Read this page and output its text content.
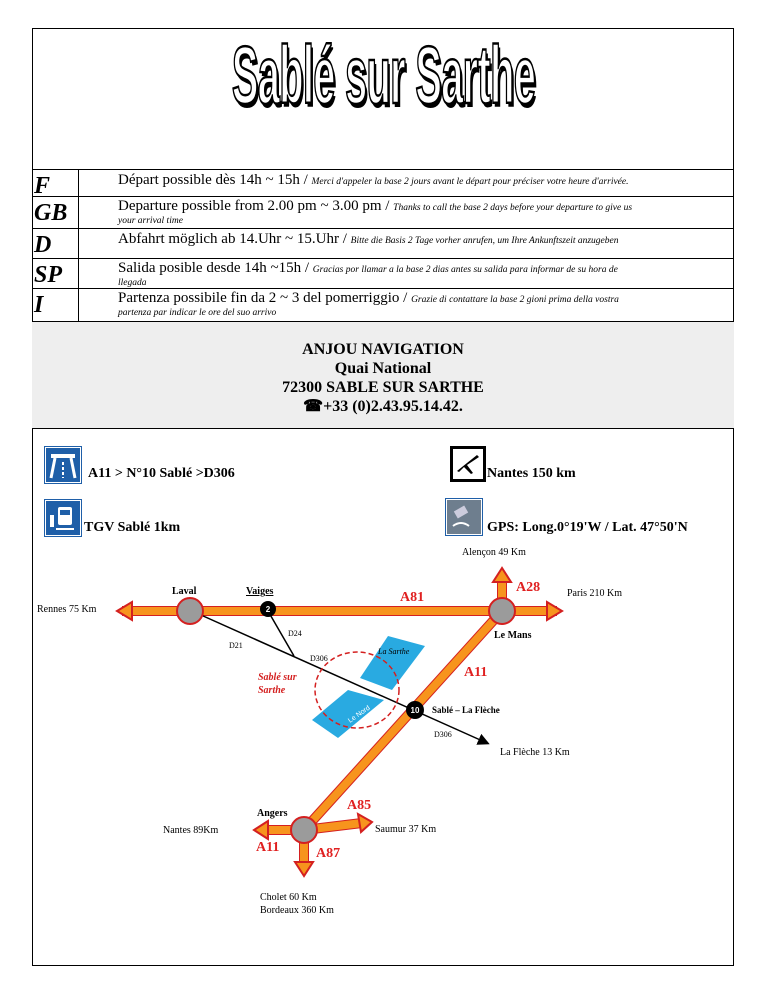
Sablé sur Sarthe
F	Départ possible dès 14h ~ 15h / Merci d'appeler la base 2 jours avant le départ pour préciser votre heure d'arrivée.
GB	Departure possible from 2.00 pm ~ 3.00 pm / Thanks to call the base 2 days before your departure to give us
your arrival time
D	Abfahrt möglich ab 14.Uhr ~ 15.Uhr / Bitte die Basis 2 Tage vorher anrufen, um Ihre Ankunftszeit anzugeben
SP	Salida posible desde 14h ~15h / Gracias por llamar a la base 2 dias antes su salida para informar de su hora de
llegada
I	Partenza possibile fin da 2 ~ 3 del pomerriggio / Grazie di contattare la base 2 gioni prima della vostra
partenza par indicar le ore del suo arrivo
ANJOU NAVIGATION
Quai National
72300 SABLE SUR SARTHE
☎+33 (0)2.43.95.14.42.
A11 > N°10 Sablé >D306	Nantes 150 km
TGV Sablé 1km	GPS: Long.0°19'W / Lat. 47°50'N
Le Nord
2
10
Alençon 49 Km
Paris 210 Km
Rennes 75 Km
Laval	Vaiges
Le Mans
D24
D21
D306
La Sarthe
Sablé sur
Sarthe
Sablé – La Flèche
D306
La Flèche 13 Km
Angers
Nantes 89Km	Saumur 37 Km
Cholet 60 Km
Bordeaux 360 Km
A28
A81
A11
A85
A11	A87
